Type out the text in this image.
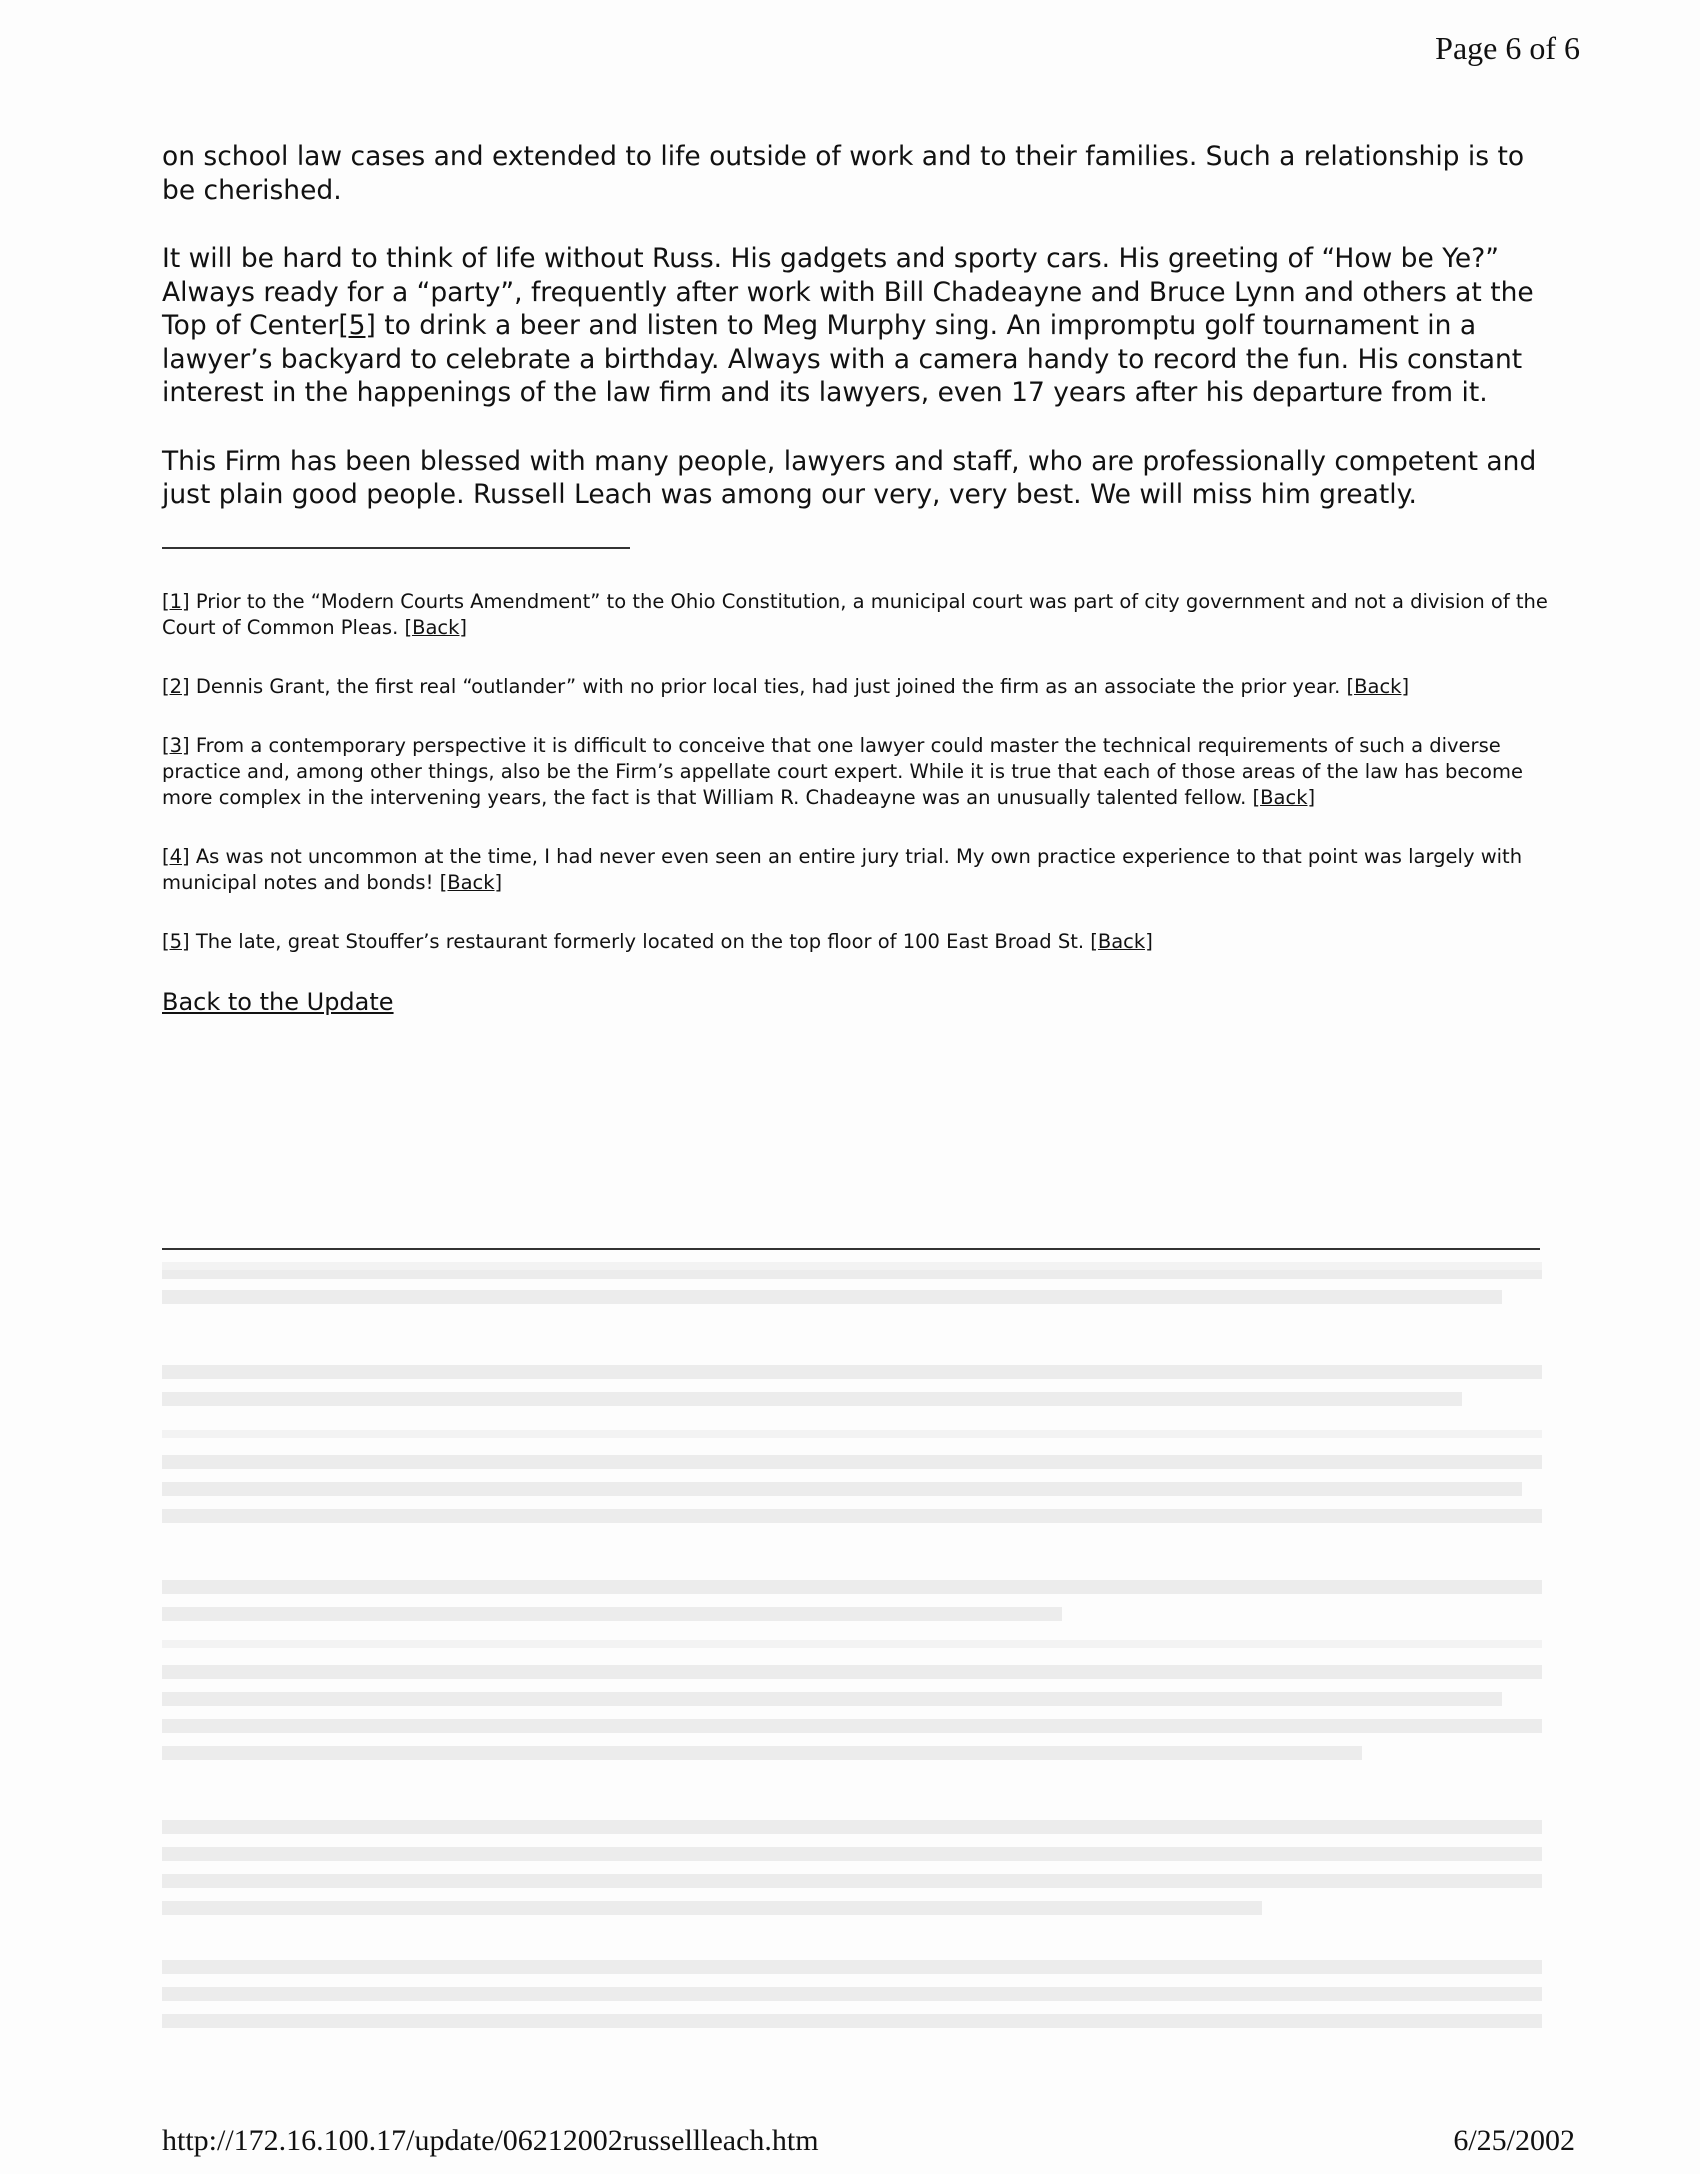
Page 6 of 6

on school law cases and extended to life outside of work and to their families. Such a relationship is to be cherished.

It will be hard to think of life without Russ. His gadgets and sporty cars. His greeting of “How be Ye?” Always ready for a “party”, frequently after work with Bill Chadeayne and Bruce Lynn and others at the Top of Center[5] to drink a beer and listen to Meg Murphy sing. An impromptu golf tournament in a lawyer’s backyard to celebrate a birthday. Always with a camera handy to record the fun. His constant interest in the happenings of the law firm and its lawyers, even 17 years after his departure from it.

This Firm has been blessed with many people, lawyers and staff, who are professionally competent and just plain good people. Russell Leach was among our very, very best. We will miss him greatly.

[1] Prior to the “Modern Courts Amendment” to the Ohio Constitution, a municipal court was part of city government and not a division of the Court of Common Pleas. [Back]

[2] Dennis Grant, the first real “outlander” with no prior local ties, had just joined the firm as an associate the prior year. [Back]

[3] From a contemporary perspective it is difficult to conceive that one lawyer could master the technical requirements of such a diverse practice and, among other things, also be the Firm’s appellate court expert. While it is true that each of those areas of the law has become more complex in the intervening years, the fact is that William R. Chadeayne was an unusually talented fellow. [Back]

[4] As was not uncommon at the time, I had never even seen an entire jury trial. My own practice experience to that point was largely with municipal notes and bonds! [Back]

[5] The late, great Stouffer’s restaurant formerly located on the top floor of 100 East Broad St. [Back]

Back to the Update
http://172.16.100.17/update/06212002russellleach.htm	6/25/2002
